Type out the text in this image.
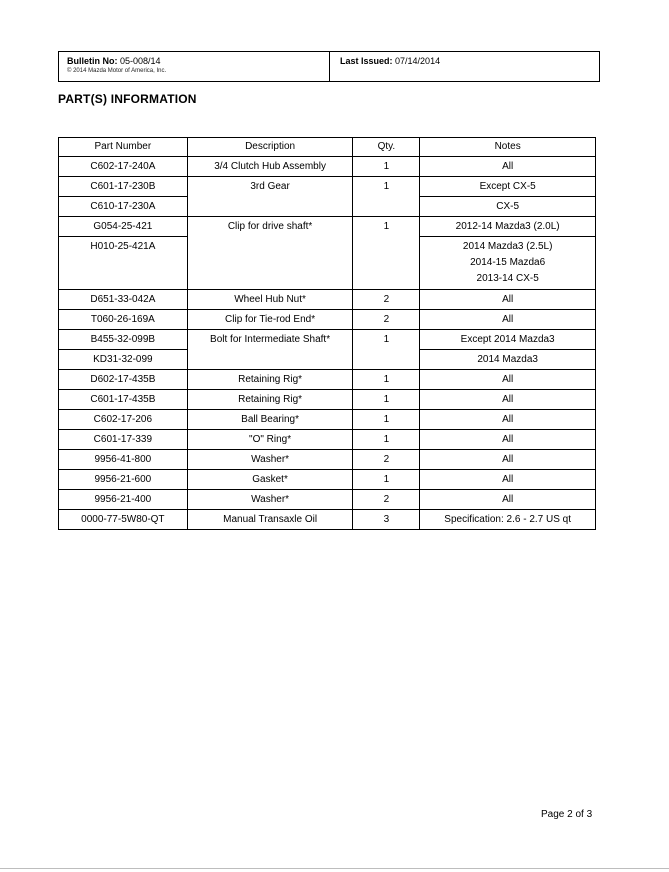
Bulletin No: 05-008/14
© 2014 Mazda Motor of America, Inc.
Last Issued: 07/14/2014
PART(S) INFORMATION
Part Number	Description	Qty.	Notes
C602-17-240A	3/4 Clutch Hub Assembly	1	All
C601-17-230B	3rd Gear	1	Except CX-5
C610-17-230A			CX-5
G054-25-421	Clip for drive shaft*	1	2012-14 Mazda3 (2.0L)
H010-25-421A			2014 Mazda3 (2.5L)
2014-15 Mazda6
2013-14 CX-5

D651-33-042A	Wheel Hub Nut*	2	All
T060-26-169A	Clip for Tie-rod End*	2	All
B455-32-099B	Bolt for Intermediate Shaft*	1	Except 2014 Mazda3
KD31-32-099			2014 Mazda3
D602-17-435B	Retaining Rig*	1	All
C601-17-435B	Retaining Rig*	1	All
C602-17-206	Ball Bearing*	1	All
C601-17-339	"O" Ring*	1	All
9956-41-800	Washer*	2	All
9956-21-600	Gasket*	1	All
9956-21-400	Washer*	2	All
0000-77-5W80-QT	Manual Transaxle Oil	3	Specification: 2.6 - 2.7 US qt
Page 2 of 3
